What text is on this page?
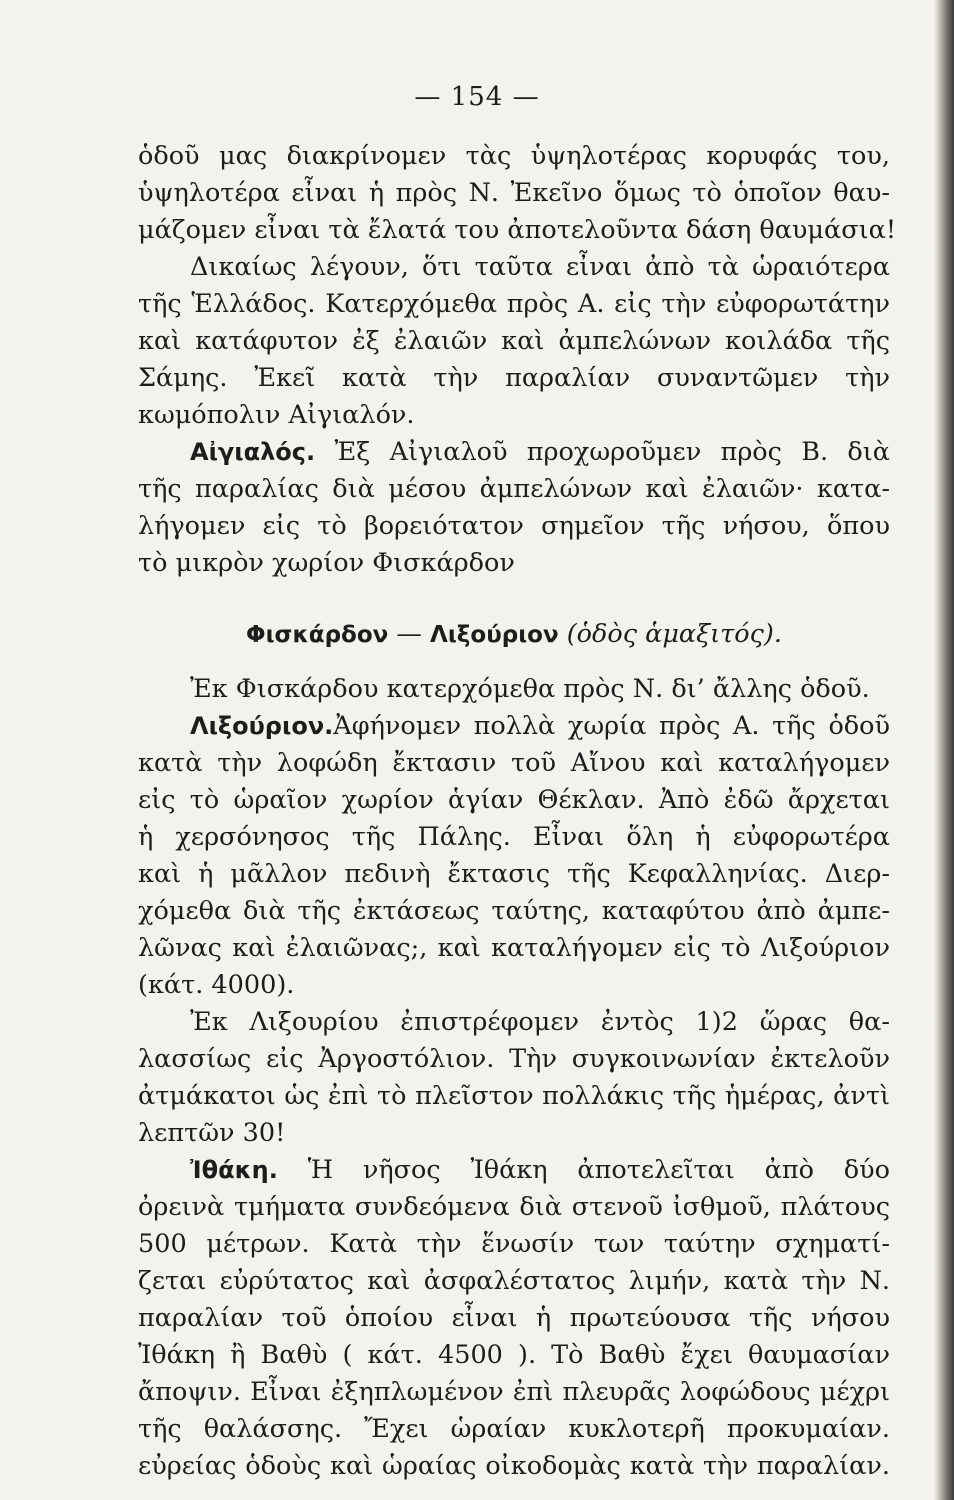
— 154 —
ὁδοῦ μας διακρίνομεν τὰς ὑψηλοτέρας κορυφάς του,
ὑψηλοτέρα εἶναι ἡ πρὸς Ν. Ἐκεῖνο ὅμως τὸ ὁποῖον θαυ-
μάζομεν εἶναι τὰ ἔλατά του ἀποτελοῦντα δάση θαυμάσια!
Δικαίως λέγουν, ὅτι ταῦτα εἶναι ἀπὸ τὰ ὡραιότερα
τῆς Ἑλλάδος. Κατερχόμεθα πρὸς Α. εἰς τὴν εὐφορωτάτην
καὶ κατάφυτον ἐξ ἐλαιῶν καὶ ἀμπελώνων κοιλάδα τῆς
Σάμης. Ἐκεῖ κατὰ τὴν παραλίαν συναντῶμεν τὴν
κωμόπολιν Αἰγιαλόν.
Αἰγιαλός. Ἐξ Αἰγιαλοῦ προχωροῦμεν πρὸς Β. διὰ
τῆς παραλίας διὰ μέσου ἀμπελώνων καὶ ἐλαιῶν· κατα-
λήγομεν εἰς τὸ βορειότατον σημεῖον τῆς νήσου, ὅπου
τὸ μικρὸν χωρίον Φισκάρδον
Φισκάρδον — Λιξούριον (ὁδὸς ἁμαξιτός).
Ἐκ Φισκάρδου κατερχόμεθα πρὸς Ν. δι’ ἄλλης ὁδοῦ.
Λιξούριον.Ἀφήνομεν πολλὰ χωρία πρὸς Α. τῆς ὁδοῦ
κατὰ τὴν λοφώδη ἔκτασιν τοῦ Αἴνου καὶ καταλήγομεν
εἰς τὸ ὡραῖον χωρίον ἁγίαν Θέκλαν. Ἀπὸ ἐδῶ ἄρχεται
ἡ χερσόνησος τῆς Πάλης. Εἶναι ὅλη ἡ εὐφορωτέρα
καὶ ἡ μᾶλλον πεδινὴ ἔκτασις τῆς Κεφαλληνίας. Διερ-
χόμεθα διὰ τῆς ἐκτάσεως ταύτης, καταφύτου ἀπὸ ἀμπε-
λῶνας καὶ ἐλαιῶνας;, καὶ καταλήγομεν εἰς τὸ Λιξούριον
(κάτ. 4000).
Ἐκ Λιξουρίου ἐπιστρέφομεν ἐντὸς 1)2 ὥρας θα-
λασσίως εἰς Ἀργοστόλιον. Τὴν συγκοινωνίαν ἐκτελοῦν
ἀτμάκατοι ὡς ἐπὶ τὸ πλεῖστον πολλάκις τῆς ἡμέρας, ἀντὶ
λεπτῶν 30!
Ἰθάκη. Ἡ νῆσος Ἰθάκη ἀποτελεῖται ἀπὸ δύο
ὀρεινὰ τμήματα συνδεόμενα διὰ στενοῦ ἰσθμοῦ, πλάτους
500 μέτρων. Κατὰ τὴν ἕνωσίν των ταύτην σχηματί-
ζεται εὐρύτατος καὶ ἀσφαλέστατος λιμήν, κατὰ τὴν Ν.
παραλίαν τοῦ ὁποίου εἶναι ἡ πρωτεύουσα τῆς νήσου
Ἰθάκη ἢ Βαθὺ ( κάτ. 4500 ). Τὸ Βαθὺ ἔχει θαυμασίαν
ἄποψιν. Εἶναι ἐξηπλωμένον ἐπὶ πλευρᾶς λοφώδους μέχρι
τῆς θαλάσσης. Ἔχει ὡραίαν κυκλοτερῆ προκυμαίαν.
εὐρείας ὁδοὺς καὶ ὡραίας οἰκοδομὰς κατὰ τὴν παραλίαν.
